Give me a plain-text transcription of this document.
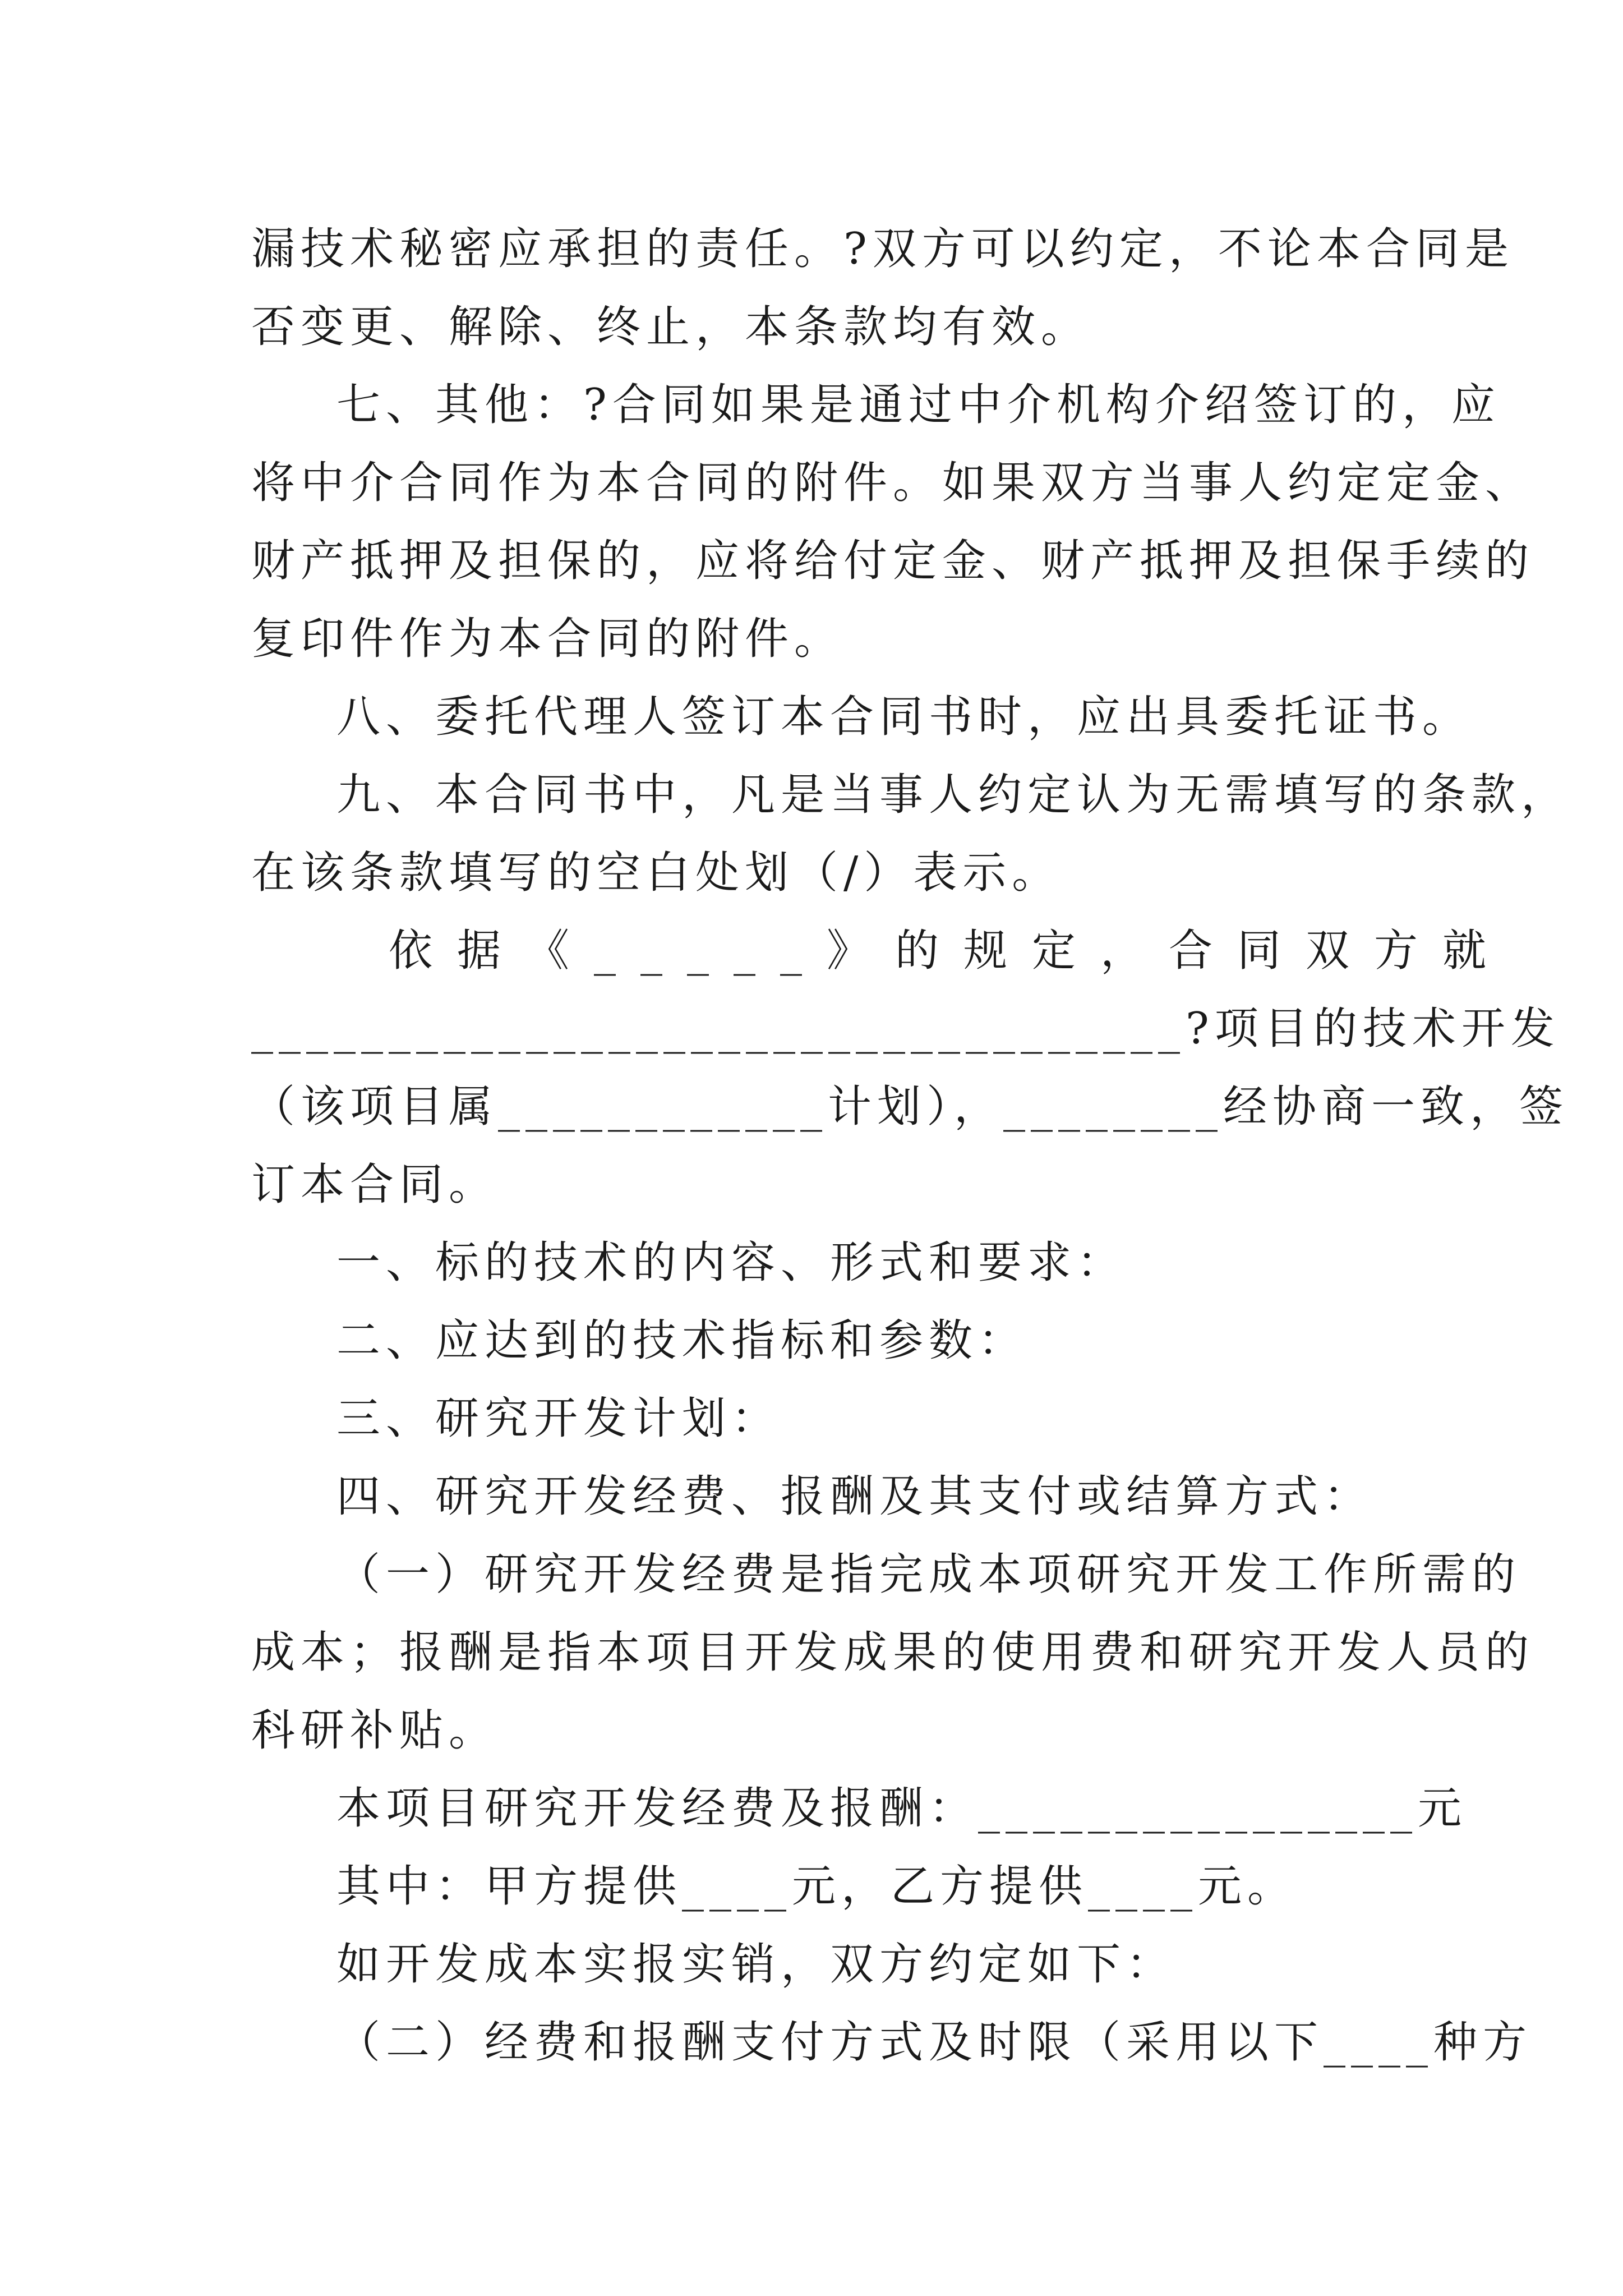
漏技术秘密应承担的责任。?双方可以约定，不论本合同是
否变更、解除、终止，本条款均有效。
七、其他：?合同如果是通过中介机构介绍签订的，应
将中介合同作为本合同的附件。如果双方当事人约定定金、
财产抵押及担保的，应将给付定金、财产抵押及担保手续的
复印件作为本合同的附件。
八、委托代理人签订本合同书时，应出具委托证书。
九、本合同书中，凡是当事人约定认为无需填写的条款，
在该条款填写的空白处划（/）表示。
依据《_____》的规定，合同双方就
__________________________________?项目的技术开发
（该项目属____________计划），________经协商一致，签
订本合同。
一、标的技术的内容、形式和要求：
二、应达到的技术指标和参数：
三、研究开发计划：
四、研究开发经费、报酬及其支付或结算方式：
（一）研究开发经费是指完成本项研究开发工作所需的
成本；报酬是指本项目开发成果的使用费和研究开发人员的
科研补贴。
本项目研究开发经费及报酬：________________元
其中：甲方提供____元，乙方提供____元。
如开发成本实报实销，双方约定如下：
（二）经费和报酬支付方式及时限（采用以下____种方
